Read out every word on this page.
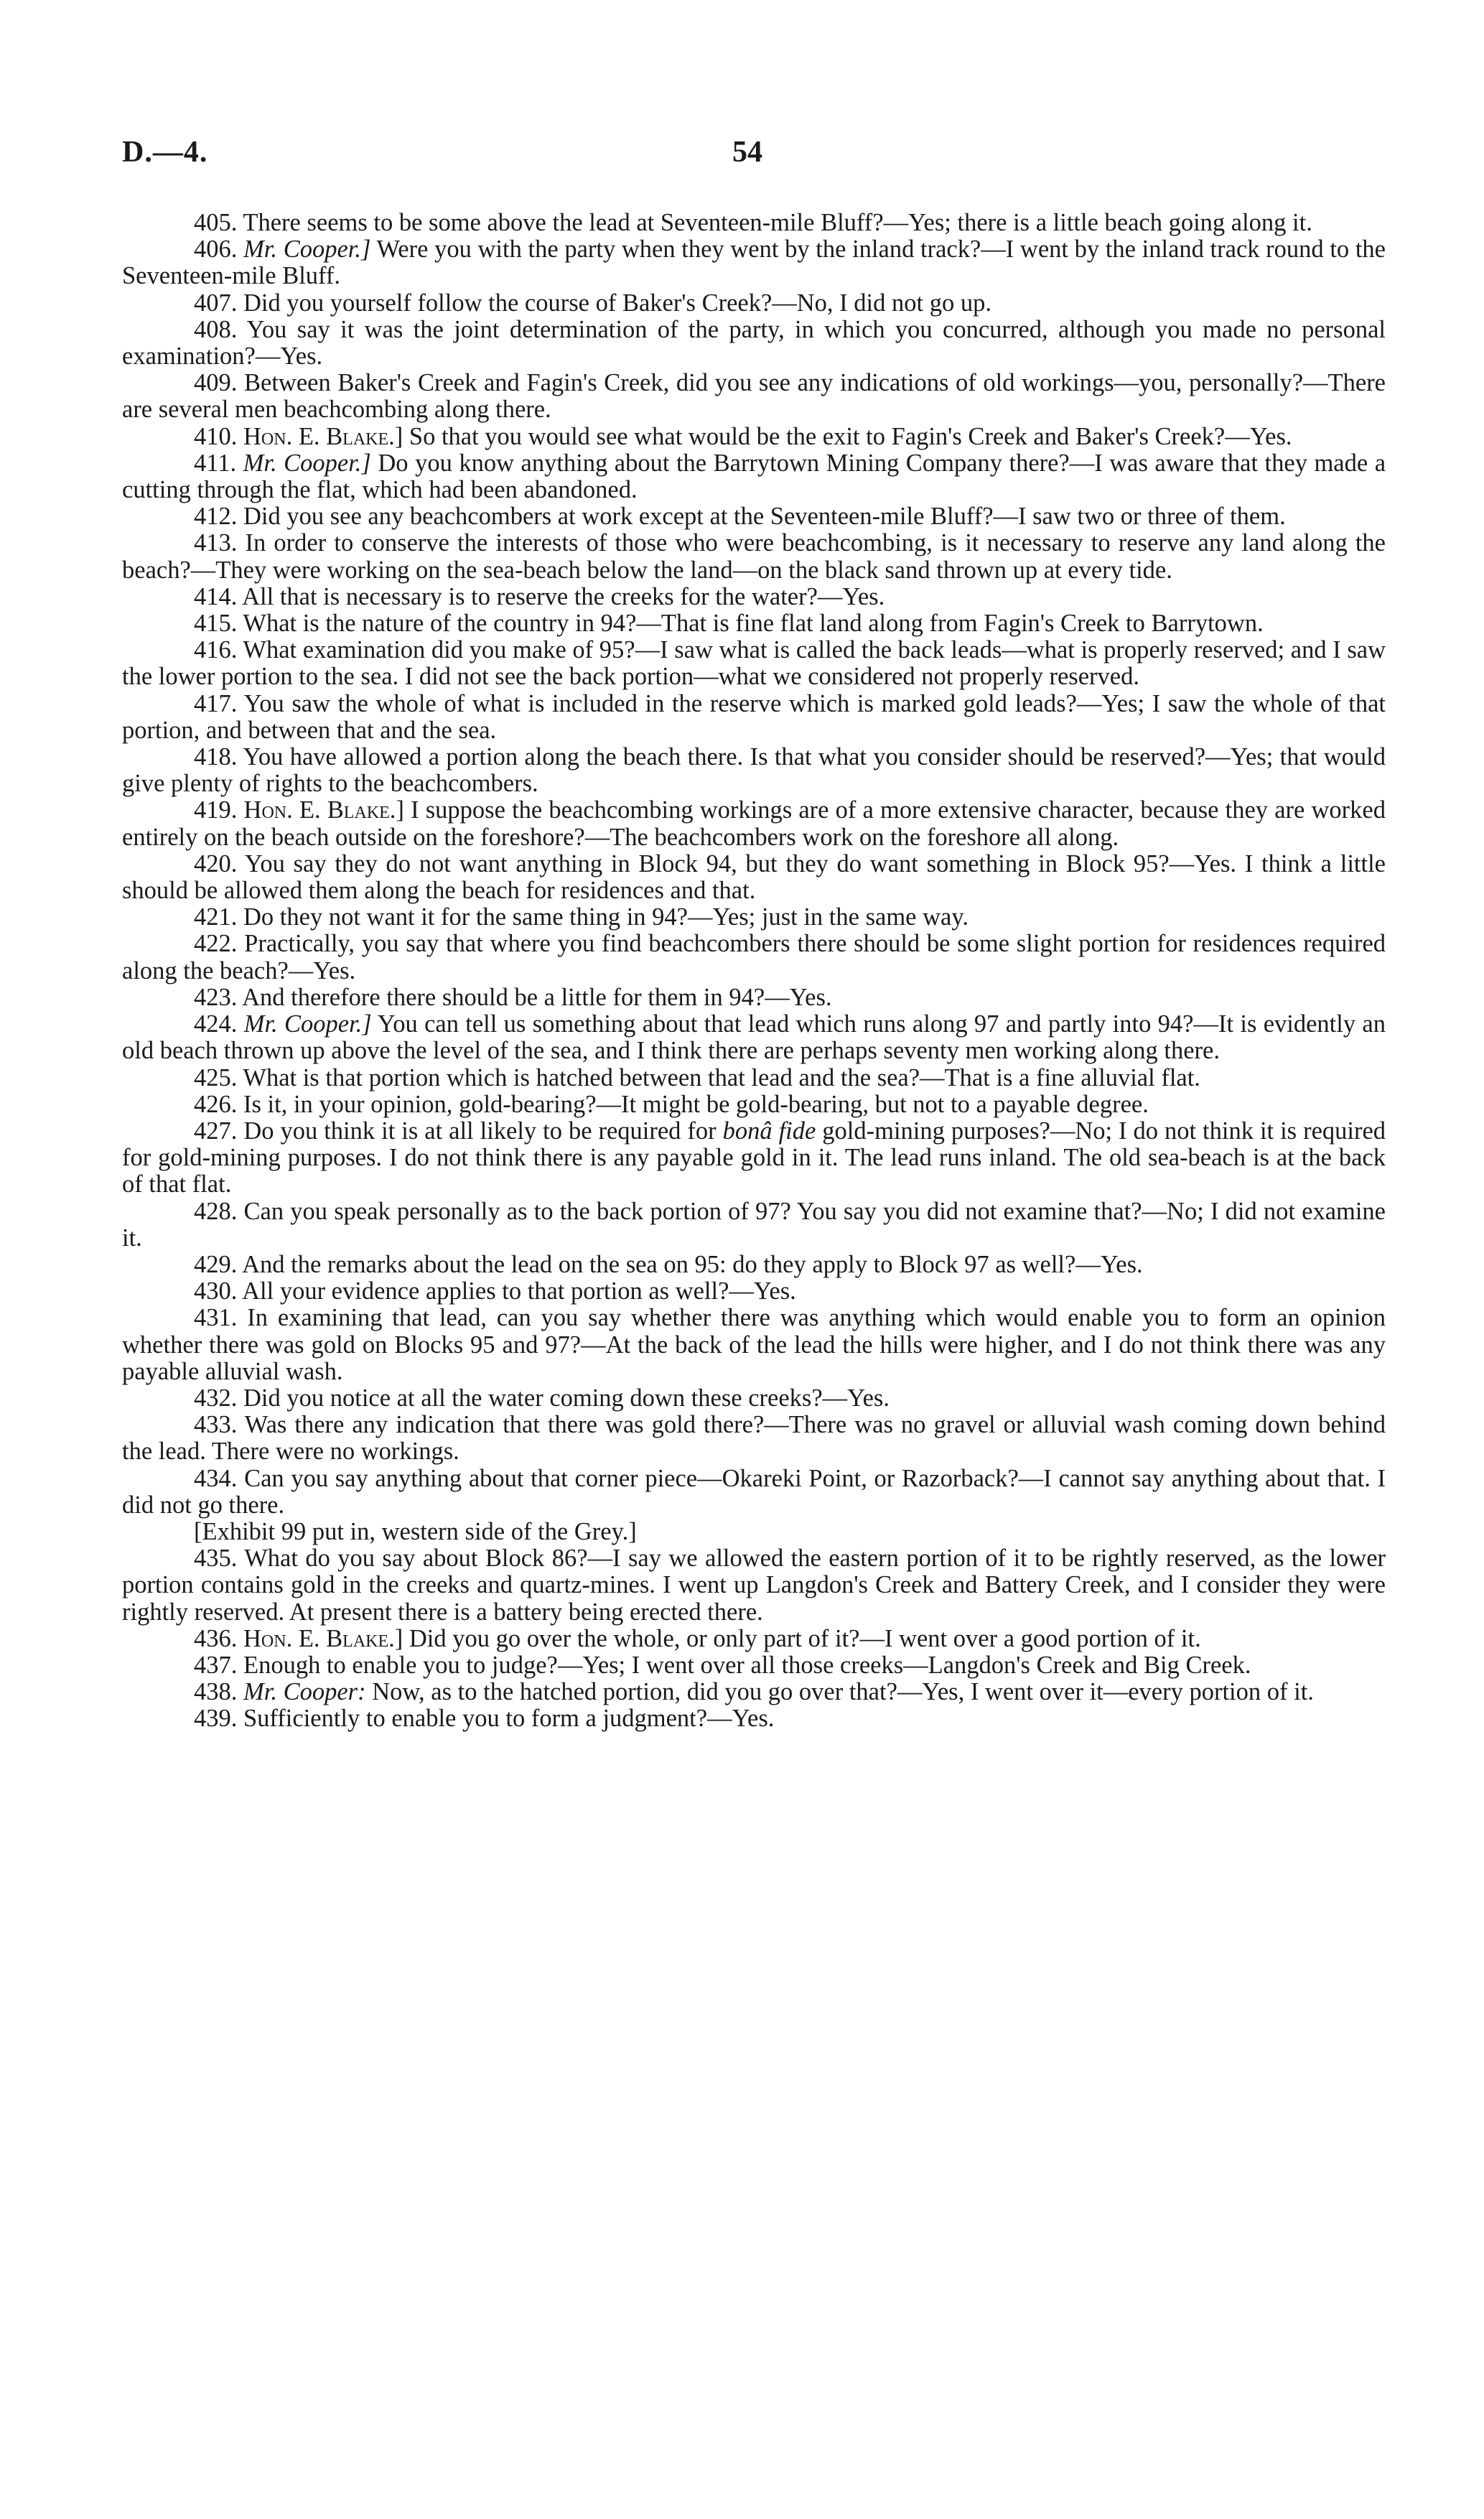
D.—4.	54

405. There seems to be some above the lead at Seventeen-mile Bluff?—Yes; there is a little beach going along it.

406. Mr. Cooper.] Were you with the party when they went by the inland track?—I went by the inland track round to the Seventeen-mile Bluff.

407. Did you yourself follow the course of Baker's Creek?—No, I did not go up.

408. You say it was the joint determination of the party, in which you concurred, although you made no personal examination?—Yes.

409. Between Baker's Creek and Fagin's Creek, did you see any indications of old workings—you, personally?—There are several men beachcombing along there.

410. Hon. E. Blake.] So that you would see what would be the exit to Fagin's Creek and Baker's Creek?—Yes.

411. Mr. Cooper.] Do you know anything about the Barrytown Mining Company there?—I was aware that they made a cutting through the flat, which had been abandoned.

412. Did you see any beachcombers at work except at the Seventeen-mile Bluff?—I saw two or three of them.

413. In order to conserve the interests of those who were beachcombing, is it necessary to reserve any land along the beach?—They were working on the sea-beach below the land—on the black sand thrown up at every tide.

414. All that is necessary is to reserve the creeks for the water?—Yes.

415. What is the nature of the country in 94?—That is fine flat land along from Fagin's Creek to Barrytown.

416. What examination did you make of 95?—I saw what is called the back leads—what is properly reserved; and I saw the lower portion to the sea. I did not see the back portion—what we considered not properly reserved.

417. You saw the whole of what is included in the reserve which is marked gold leads?—Yes; I saw the whole of that portion, and between that and the sea.

418. You have allowed a portion along the beach there. Is that what you consider should be reserved?—Yes; that would give plenty of rights to the beachcombers.

419. Hon. E. Blake.] I suppose the beachcombing workings are of a more extensive character, because they are worked entirely on the beach outside on the foreshore?—The beachcombers work on the foreshore all along.

420. You say they do not want anything in Block 94, but they do want something in Block 95?—Yes. I think a little should be allowed them along the beach for residences and that.

421. Do they not want it for the same thing in 94?—Yes; just in the same way.

422. Practically, you say that where you find beachcombers there should be some slight portion for residences required along the beach?—Yes.

423. And therefore there should be a little for them in 94?—Yes.

424. Mr. Cooper.] You can tell us something about that lead which runs along 97 and partly into 94?—It is evidently an old beach thrown up above the level of the sea, and I think there are perhaps seventy men working along there.

425. What is that portion which is hatched between that lead and the sea?—That is a fine alluvial flat.

426. Is it, in your opinion, gold-bearing?—It might be gold-bearing, but not to a payable degree.

427. Do you think it is at all likely to be required for bonâ fide gold-mining purposes?—No; I do not think it is required for gold-mining purposes. I do not think there is any payable gold in it. The lead runs inland. The old sea-beach is at the back of that flat.

428. Can you speak personally as to the back portion of 97? You say you did not examine that?—No; I did not examine it.

429. And the remarks about the lead on the sea on 95: do they apply to Block 97 as well?—Yes.

430. All your evidence applies to that portion as well?—Yes.

431. In examining that lead, can you say whether there was anything which would enable you to form an opinion whether there was gold on Blocks 95 and 97?—At the back of the lead the hills were higher, and I do not think there was any payable alluvial wash.

432. Did you notice at all the water coming down these creeks?—Yes.

433. Was there any indication that there was gold there?—There was no gravel or alluvial wash coming down behind the lead. There were no workings.

434. Can you say anything about that corner piece—Okareki Point, or Razorback?—I cannot say anything about that. I did not go there.

[Exhibit 99 put in, western side of the Grey.]

435. What do you say about Block 86?—I say we allowed the eastern portion of it to be rightly reserved, as the lower portion contains gold in the creeks and quartz-mines. I went up Langdon's Creek and Battery Creek, and I consider they were rightly reserved. At present there is a battery being erected there.

436. Hon. E. Blake.] Did you go over the whole, or only part of it?—I went over a good portion of it.

437. Enough to enable you to judge?—Yes; I went over all those creeks—Langdon's Creek and Big Creek.

438. Mr. Cooper: Now, as to the hatched portion, did you go over that?—Yes, I went over it—every portion of it.

439. Sufficiently to enable you to form a judgment?—Yes.
